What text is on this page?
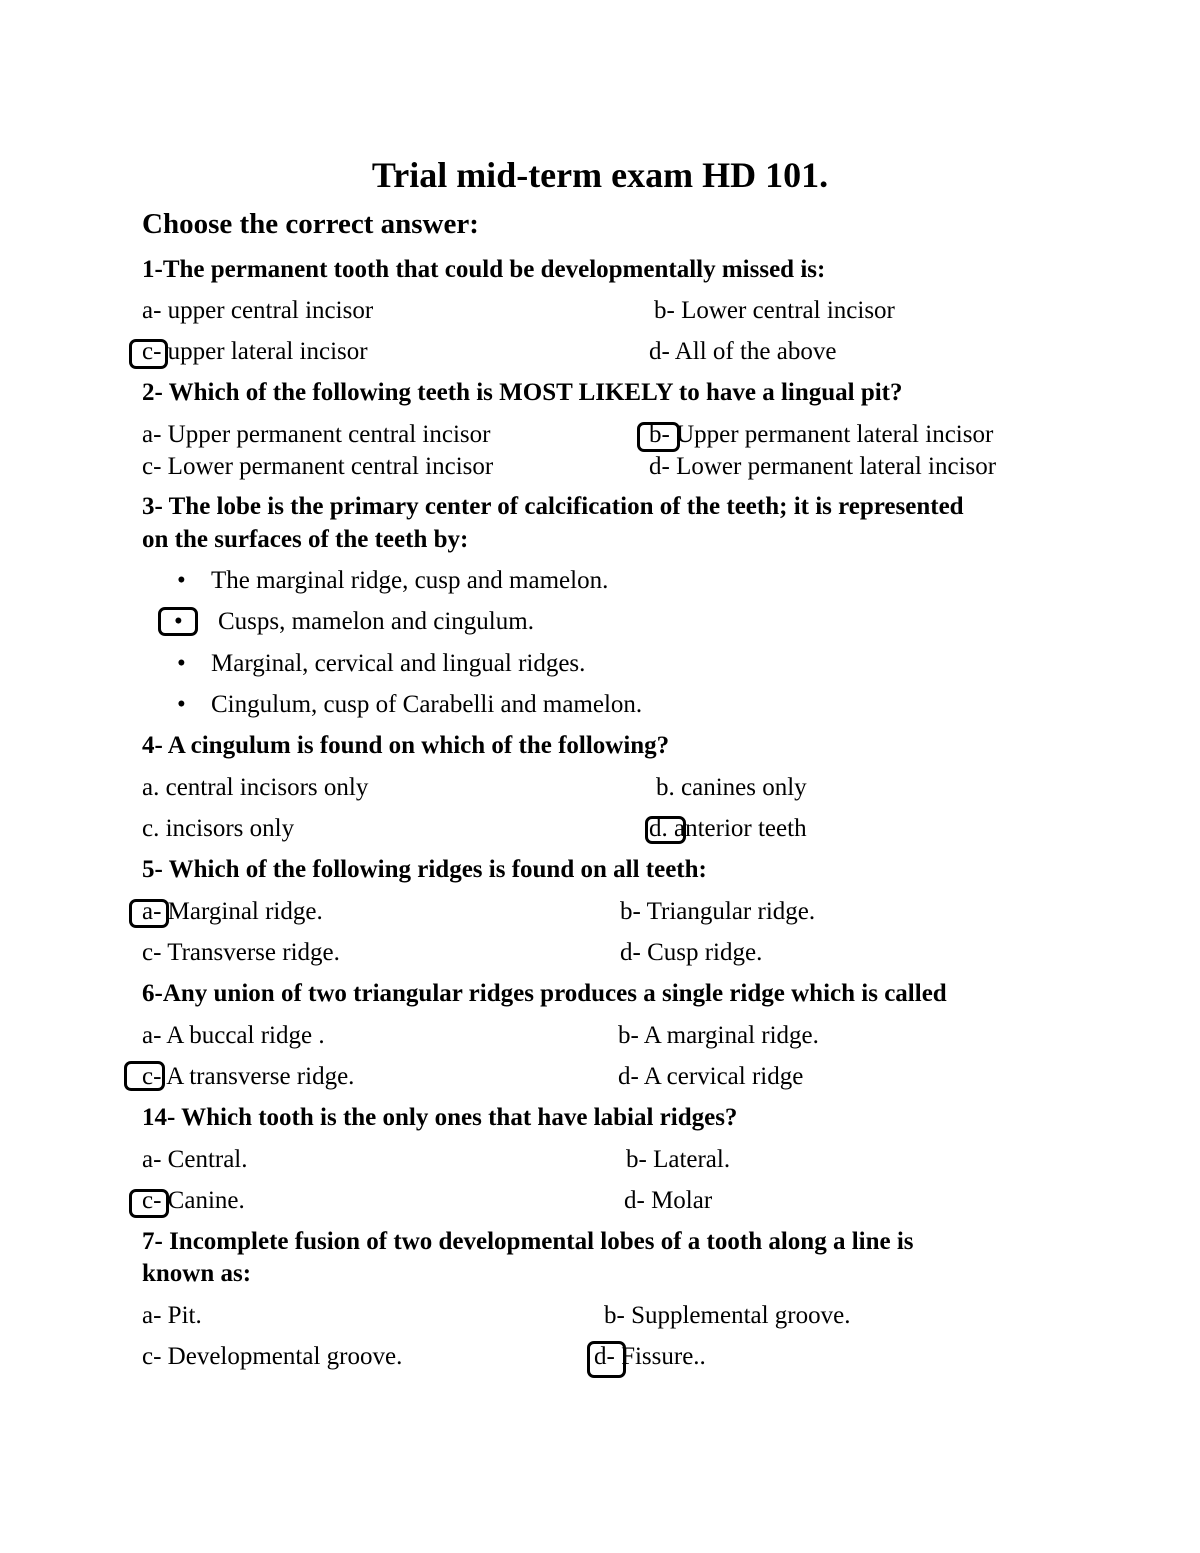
Trial mid-term exam HD 101.
Choose the correct answer:
1-The permanent tooth that could be developmentally missed is:
a- upper central incisor	b- Lower central incisor
c- upper lateral incisor	d- All of the above
2- Which of the following teeth is MOST LIKELY to have a lingual pit?
a- Upper permanent central incisor	b- Upper permanent lateral incisor
c- Lower permanent central incisor	d- Lower permanent lateral incisor
3- The lobe is the primary center of calcification of the teeth; it is represented
on the surfaces of the teeth by:
• The marginal ridge, cusp and mamelon.
• Cusps, mamelon and cingulum.
• Marginal, cervical and lingual ridges.
• Cingulum, cusp of Carabelli and mamelon.
4- A cingulum is found on which of the following?
a. central incisors only	b. canines only
c. incisors only	d. anterior teeth
5- Which of the following ridges is found on all teeth:
a- Marginal ridge.	b- Triangular ridge.
c- Transverse ridge.	d- Cusp ridge.
6-Any union of two triangular ridges produces a single ridge which is called
a- A buccal ridge .	b- A marginal ridge.
c- A transverse ridge.	d- A cervical ridge
14- Which tooth is the only ones that have labial ridges?
a- Central.	b- Lateral.
c- Canine.	d- Molar
7- Incomplete fusion of two developmental lobes of a tooth along a line is
known as:
a- Pit.	b- Supplemental groove.
c- Developmental groove.	d- Fissure..
